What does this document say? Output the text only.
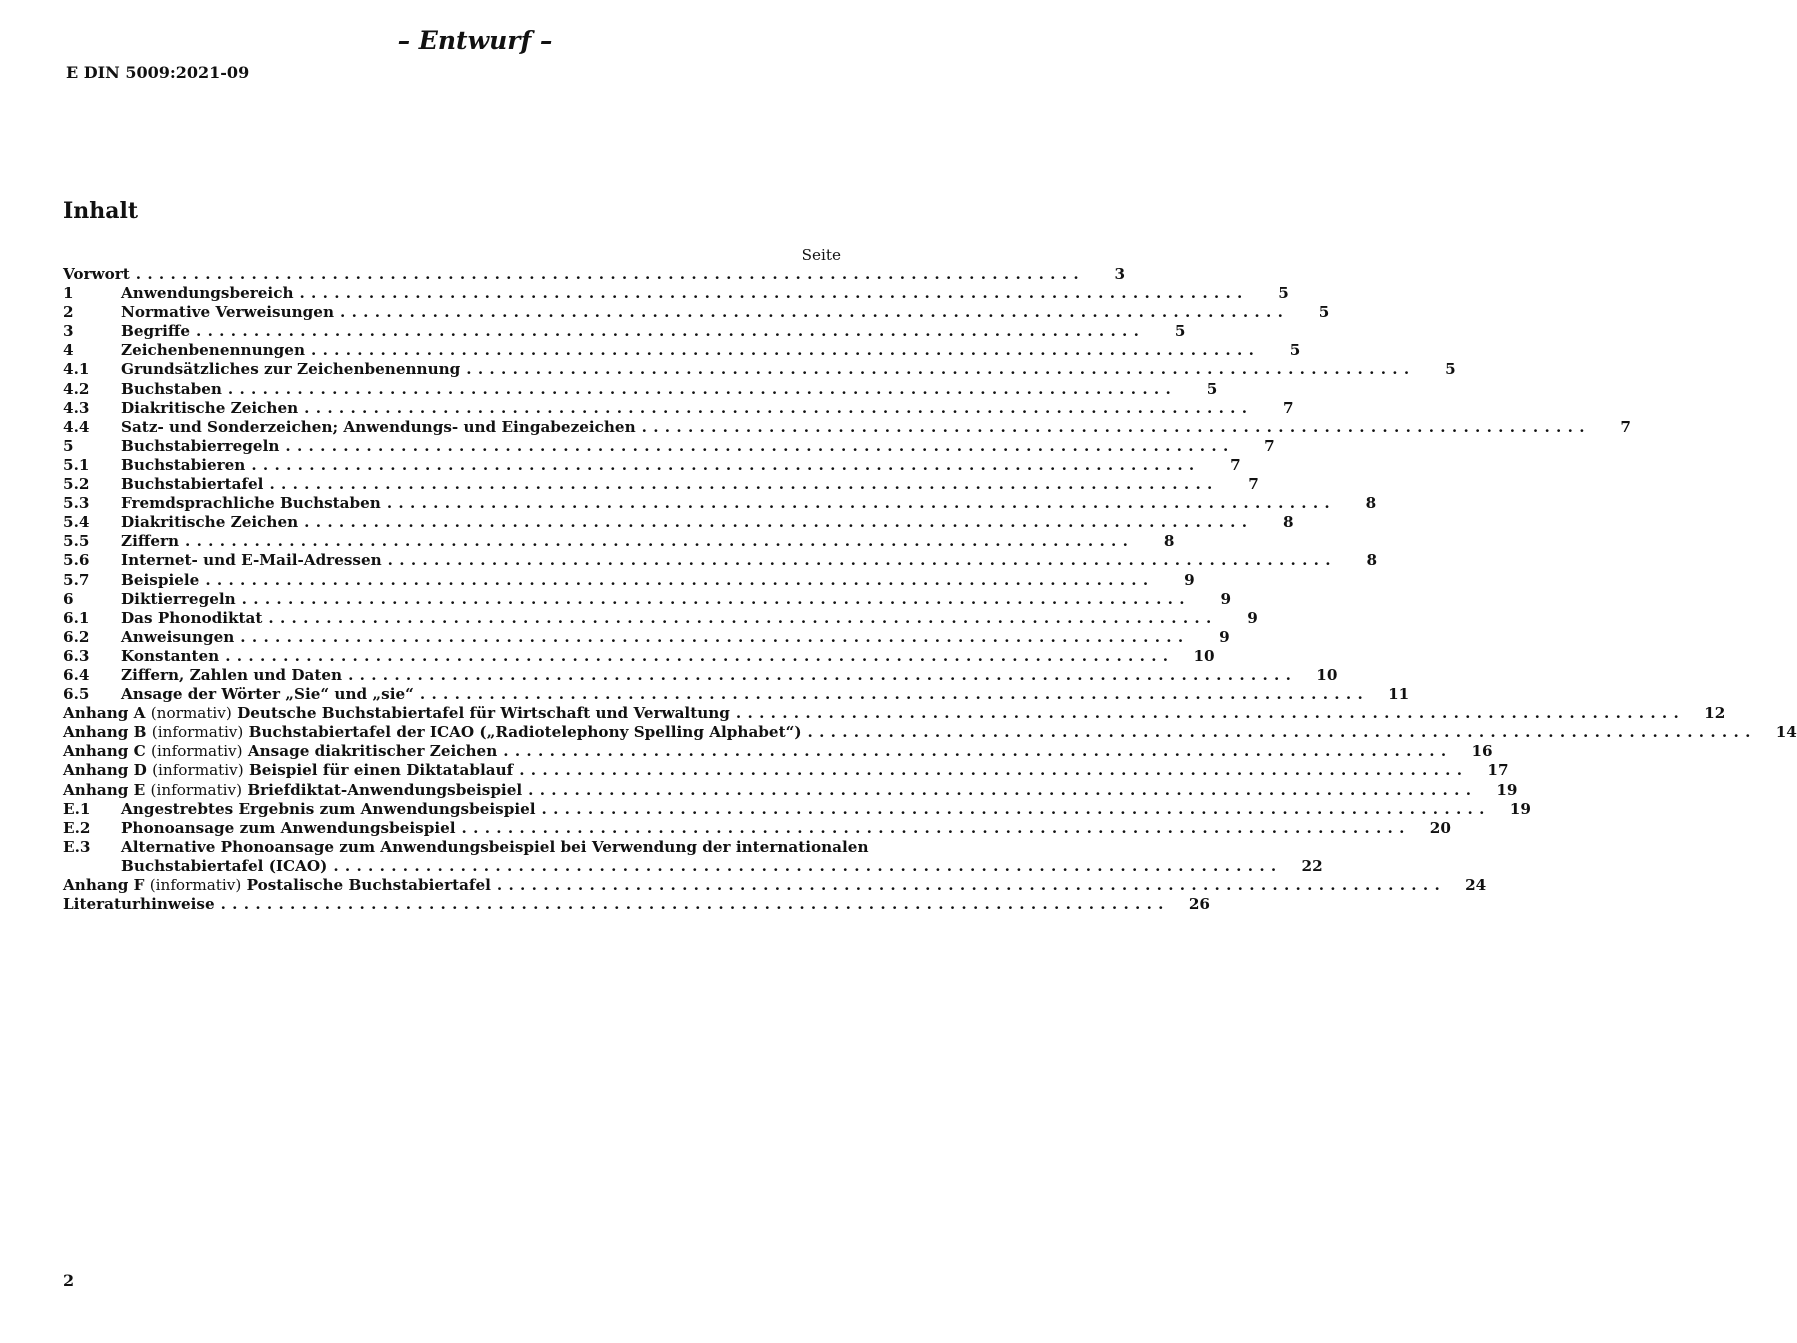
– Entwurf –
E DIN 5009:2021-09
Inhalt
Seite
Vorwort . . .	3
1	Anwendungsbereich . . .	5
2	Normative Verweisungen . . .	5
3	Begriffe . . .	5
4	Zeichenbenennungen . . .	5
4.1	Grundsätzliches zur Zeichenbenennung . . .	5
4.2	Buchstaben . . .	5
4.3	Diakritische Zeichen . . .	7
4.4	Satz- und Sonderzeichen; Anwendungs- und Eingabezeichen . . .	7
5	Buchstabierregeln . . .	7
5.1	Buchstabieren . . .	7
5.2	Buchstabiertafel . . .	7
5.3	Fremdsprachliche Buchstaben . . .	8
5.4	Diakritische Zeichen . . .	8
5.5	Ziffern . . .	8
5.6	Internet- und E-Mail-Adressen . . .	8
5.7	Beispiele . . .	9
6	Diktierregeln . . .	9
6.1	Das Phonodiktat . . .	9
6.2	Anweisungen . . .	9
6.3	Konstanten . . .	10
6.4	Ziffern, Zahlen und Daten . . .	10
6.5	Ansage der Wörter „Sie“ und „sie“ . . .	11
Anhang A (normativ) Deutsche Buchstabiertafel für Wirtschaft und Verwaltung . . .	12
Anhang B (informativ) Buchstabiertafel der ICAO („Radiotelephony Spelling Alphabet“) . . .	14
Anhang C (informativ) Ansage diakritischer Zeichen . . .	16
Anhang D (informativ) Beispiel für einen Diktatablauf . . .	17
Anhang E (informativ) Briefdiktat-Anwendungsbeispiel . . .	19
E.1	Angestrebtes Ergebnis zum Anwendungsbeispiel . . .	19
E.2	Phonoansage zum Anwendungsbeispiel . . .	20
E.3	Alternative Phonoansage zum Anwendungsbeispiel bei Verwendung der internationalen
Buchstabiertafel (ICAO) . . .	22
Anhang F (informativ) Postalische Buchstabiertafel . . .	24
Literaturhinweise . . .	26
2
